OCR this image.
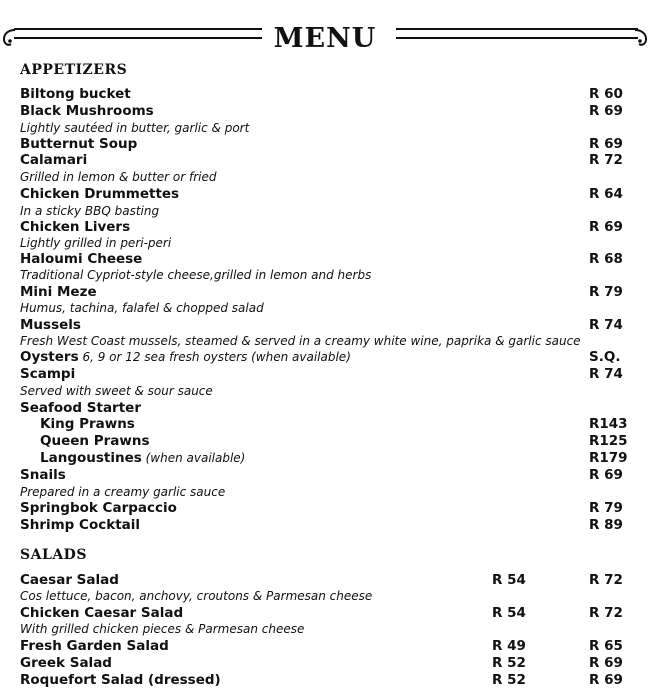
MENU
APPETIZERS
Biltong bucket	R 60
Black Mushrooms	R 69
Lightly sautéed in butter, garlic & port
Butternut Soup	R 69
Calamari	R 72
Grilled in lemon & butter or fried
Chicken Drummettes	R 64
In a sticky BBQ basting
Chicken Livers	R 69
Lightly grilled in peri-peri
Haloumi Cheese	R 68
Traditional Cypriot-style cheese,grilled in lemon and herbs
Mini Meze	R 79
Humus, tachina, falafel & chopped salad
Mussels	R 74
Fresh West Coast mussels, steamed & served in a creamy white wine, paprika & garlic sauce
Oysters 6, 9 or 12 sea fresh oysters (when available)	S.Q.
Scampi	R 74
Served with sweet & sour sauce
Seafood Starter
King Prawns	R143
Queen Prawns	R125
Langoustines (when available)	R179
Snails	R 69
Prepared in a creamy garlic sauce
Springbok Carpaccio	R 79
Shrimp Cocktail	R 89
SALADS
Caesar Salad	R 54	R 72
Cos lettuce, bacon, anchovy, croutons & Parmesan cheese
Chicken Caesar Salad	R 54	R 72
With grilled chicken pieces & Parmesan cheese
Fresh Garden Salad	R 49	R 65
Greek Salad	R 52	R 69
Roquefort Salad (dressed)	R 52	R 69
